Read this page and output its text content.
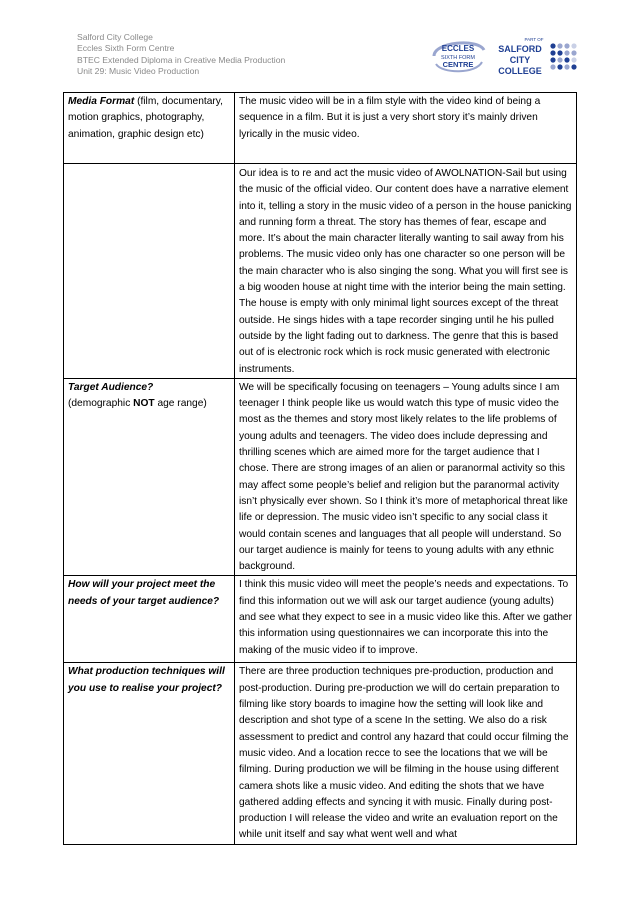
Salford City College
Eccles Sixth Form Centre
BTEC Extended Diploma in Creative Media Production
Unit 29: Music Video Production
ECCLES
SIXTH FORM
CENTRE
PART OF
SALFORD
CITY
COLLEGE
Media Format (film, documentary, motion graphics, photography, animation, graphic design etc)	The music video will be in a film style with the video kind of being a sequence in a film. But it is just a very short story it’s mainly driven lyrically in the music video.

	Our idea is to re and act the music video of AWOLNATION-Sail but using the music of the official video. Our content does have a narrative element into it, telling a story in the music video of a person in the house panicking and running form a threat. The story has themes of fear, escape and more. It’s about the main character literally wanting to sail away from his problems. The music video only has one character so one person will be the main character who is also singing the song. What you will first see is a big wooden house at night time with the interior being the main setting. The house is empty with only minimal light sources except of the threat outside. He sings hides with a tape recorder singing until he his pulled outside by the light fading out to darkness. The genre that this is based out of is electronic rock which is rock music generated with electronic instruments.

Target Audience?
(demographic NOT age range)	We will be specifically focusing on teenagers – Young adults since I am teenager I think people like us would watch this type of music video the most as the themes and story most likely relates to the life problems of young adults and teenagers. The video does include depressing and thrilling scenes which are aimed more for the target audience that I chose. There are strong images of an alien or paranormal activity so this may affect some people’s belief and religion but the paranormal activity isn’t physically ever shown. So I think it’s more of metaphorical threat like life or depression. The music video isn’t specific to any social class it would contain scenes and languages that all people will understand. So our target audience is mainly for teens to young adults with any ethnic background.

How will your project meet the needs of your target audience?	I think this music video will meet the people’s needs and expectations. To find this information out we will ask our target audience (young adults) and see what they expect to see in a music video like this. After we gather this information using questionnaires we can incorporate this into the making of the music video if to improve.

What production techniques will you use to realise your project?	There are three production techniques pre-production, production and post-production. During pre-production we will do certain preparation to filming like story boards to imagine how the setting will look like and description and shot type of a scene In the setting. We also do a risk assessment to predict and control any hazard that could occur filming the music video. And a location recce to see the locations that we will be filming. During production we will be filming in the house using different camera shots like a music video. And editing the shots that we have gathered adding effects and syncing it with music. Finally during post-production I will release the video and write an evaluation report on the while unit itself and say what went well and what
